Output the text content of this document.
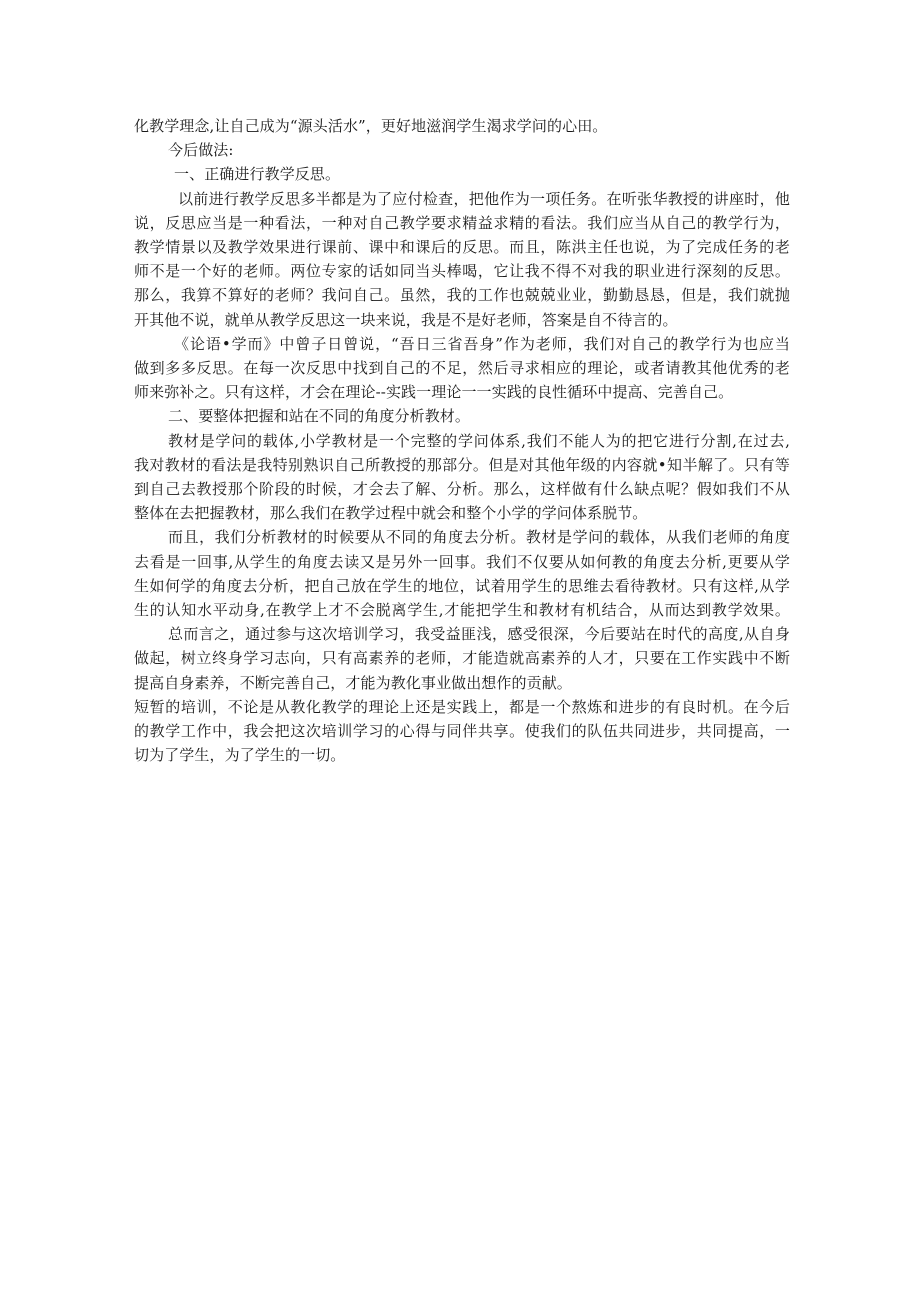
化教学理念,让自己成为“源头活水”，更好地滋润学生渴求学问的心田。
今后做法:
一、正确进行教学反思。
以前进行教学反思多半都是为了应付检查，把他作为一项任务。在听张华教授的讲座时，他
说，反思应当是一种看法，一种对自己教学要求精益求精的看法。我们应当从自己的教学行为，
教学情景以及教学效果进行课前、课中和课后的反思。而且，陈洪主任也说，为了完成任务的老
师不是一个好的老师。两位专家的话如同当头棒喝，它让我不得不对我的职业进行深刻的反思。
那么，我算不算好的老师？我问自己。虽然，我的工作也兢兢业业，勤勤恳恳，但是，我们就抛
开其他不说，就单从教学反思这一块来说，我是不是好老师，答案是自不待言的。
《论语•学而》中曾子日曾说，“吾日三省吾身”作为老师，我们对自己的教学行为也应当
做到多多反思。在每一次反思中找到自己的不足，然后寻求相应的理论，或者请教其他优秀的老
师来弥补之。只有这样，才会在理论--实践一理论一一实践的良性循环中提高、完善自己。
二、要整体把握和站在不同的角度分析教材。
教材是学问的载体,小学教材是一个完整的学问体系,我们不能人为的把它进行分割,在过去,
我对教材的看法是我特别熟识自己所教授的那部分。但是对其他年级的内容就•知半解了。只有等
到自己去教授那个阶段的时候，才会去了解、分析。那么，这样做有什么缺点呢？假如我们不从
整体在去把握教材，那么我们在教学过程中就会和整个小学的学问体系脱节。
而且，我们分析教材的时候要从不同的角度去分析。教材是学问的载体，从我们老师的角度
去看是一回事,从学生的角度去读又是另外一回事。我们不仅要从如何教的角度去分析,更要从学
生如何学的角度去分析，把自己放在学生的地位，试着用学生的思维去看待教材。只有这样,从学
生的认知水平动身,在教学上才不会脱离学生,才能把学生和教材有机结合，从而达到教学效果。
总而言之，通过参与这次培训学习，我受益匪浅，感受很深，今后要站在时代的高度,从自身
做起，树立终身学习志向，只有高素养的老师，才能造就高素养的人才，只要在工作实践中不断
提高自身素养，不断完善自己，才能为教化事业做出想作的贡献。
短暂的培训，不论是从教化教学的理论上还是实践上，都是一个熬炼和进步的有良时机。在今后
的教学工作中，我会把这次培训学习的心得与同伴共享。使我们的队伍共同进步，共同提高，一
切为了学生，为了学生的一切。
